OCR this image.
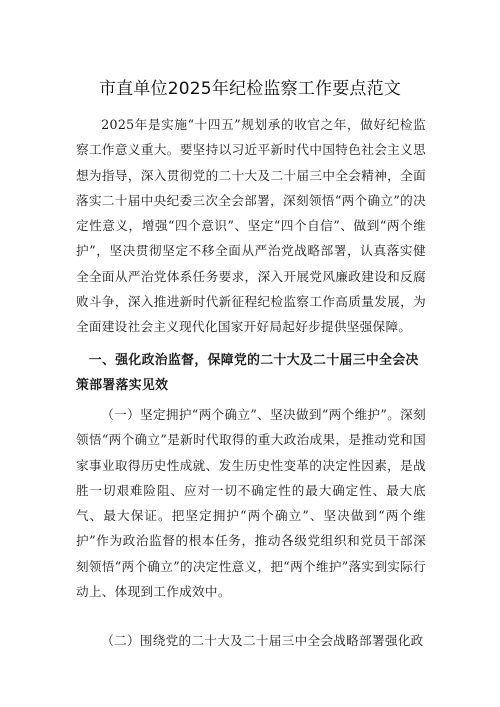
市直单位2025年纪检监察工作要点范文

2025年是实施“十四五”规划承的收官之年，做好纪检监察工作意义重大。要坚持以习近平新时代中国特色社会主义思想为指导，深入贯彻党的二十大及二十届三中全会精神，全面落实二十届中央纪委三次全会部署，深刻领悟“两个确立”的决定性意义，增强“四个意识”、坚定“四个自信”、做到“两个维护”，坚决贯彻坚定不移全面从严治党战略部署，认真落实健全全面从严治党体系任务要求，深入开展党风廉政建设和反腐败斗争，深入推进新时代新征程纪检监察工作高质量发展，为全面建设社会主义现代化国家开好局起好步提供坚强保障。

一、强化政治监督，保障党的二十大及二十届三中全会决策部署落实见效

（一）坚定拥护“两个确立”、坚决做到“两个维护”。深刻领悟“两个确立”是新时代取得的重大政治成果，是推动党和国家事业取得历史性成就、发生历史性变革的决定性因素，是战胜一切艰难险阻、应对一切不确定性的最大确定性、最大底气、最大保证。把坚定拥护“两个确立”、坚决做到“两个维护”作为政治监督的根本任务，推动各级党组织和党员干部深刻领悟“两个确立”的决定性意义，把“两个维护”落实到实际行动上、体现到工作成效中。

（二）围绕党的二十大及二十届三中全会战略部署强化政
